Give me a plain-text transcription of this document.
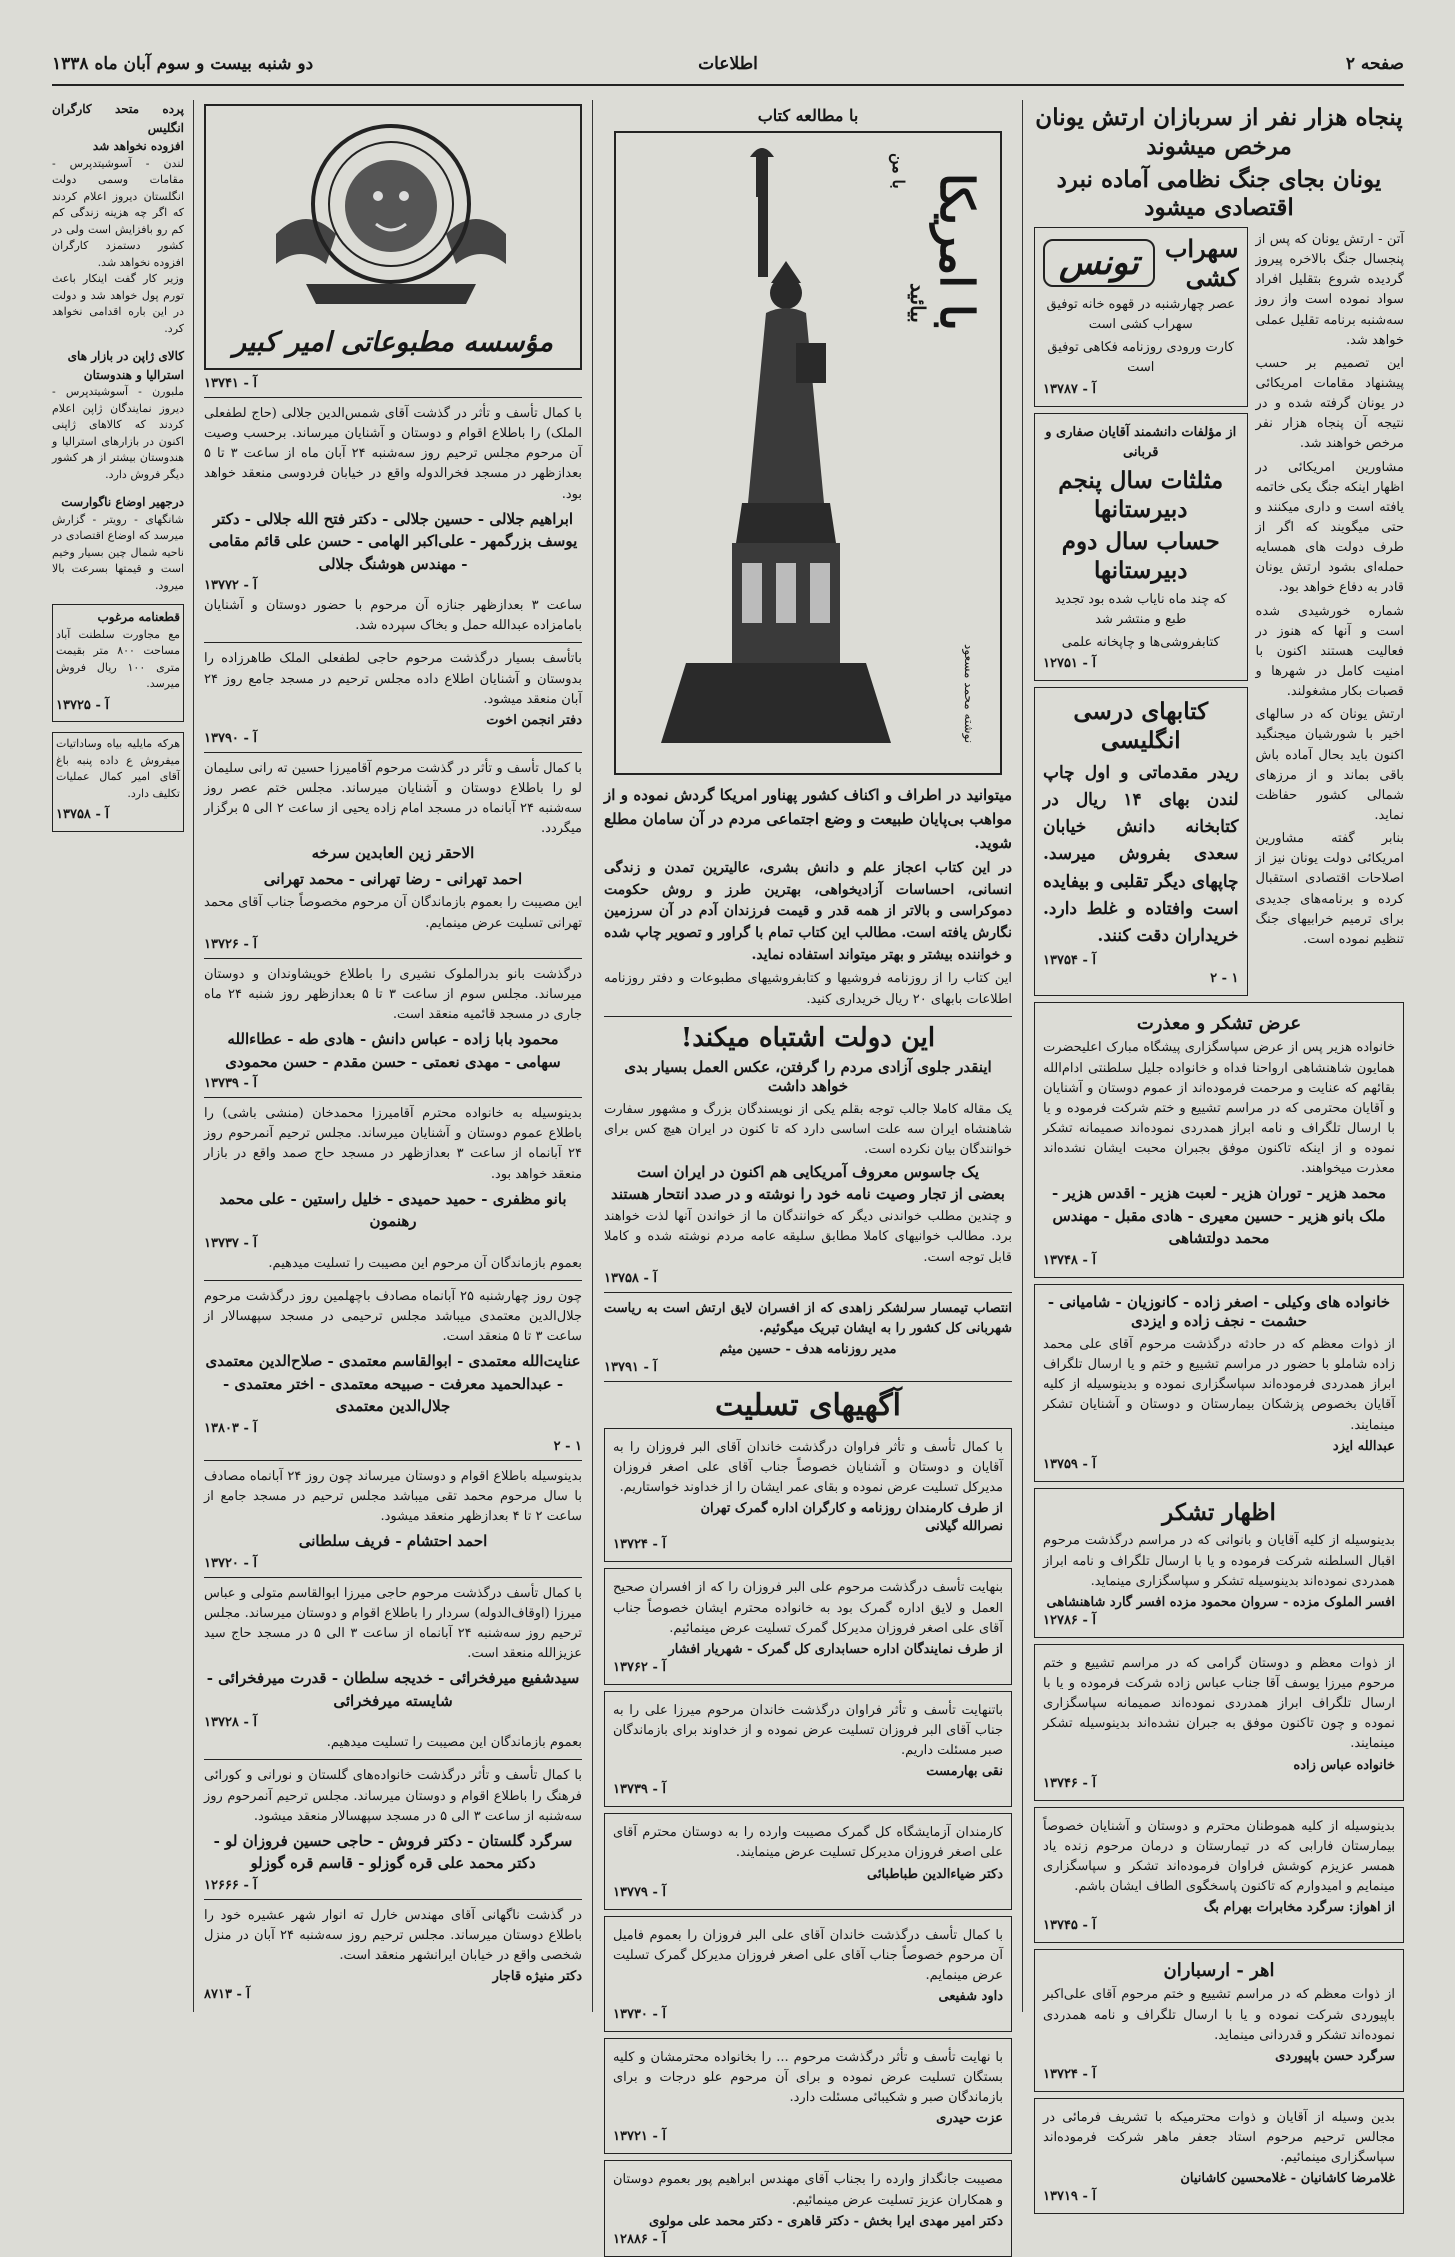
صفحه ۲
اطلاعات
دو شنبه بیست و سوم آبان ماه ۱۳۳۸
پنجاه هزار نفر از سربازان ارتش یونان مرخص میشوند
یونان بجای جنگ نظامی آماده نبرد اقتصادی میشود

آتن - ارتش یونان که پس از پنجسال جنگ بالاخره پیروز گردیده شروع بتقلیل افراد سواد نموده است واز روز سه‌شنبه برنامه تقلیل عملی خواهد شد.

این تصمیم بر حسب پیشنهاد مقامات امریکائی در یونان گرفته شده و در نتیجه آن پنجاه هزار نفر مرخص خواهند شد.

مشاورین امریکائی در اظهار اینکه جنگ یکی خاتمه یافته است و داری میکنند و حتی میگویند که اگر از طرف دولت های همسایه حمله‌ای بشود ارتش یونان قادر به دفاع خواهد بود.

شماره خورشیدی شده است و آنها که هنوز در فعالیت هستند اکنون با امنیت کامل در شهرها و قصبات بکار مشغولند.

ارتش یونان که در سالهای اخیر با شورشیان میجنگید اکنون باید بحال آماده باش باقی بماند و از مرزهای شمالی کشور حفاظت نماید.

بنابر گفته مشاورین امریکائی دولت یونان نیز از اصلاحات اقتصادی استقبال کرده و برنامه‌های جدیدی برای ترمیم خرابیهای جنگ تنظیم نموده است.

سهراب کشی
تونس

عصر چهارشنبه در قهوه خانه توفیق سهراب کشی است

کارت ورودی روزنامه فکاهی توفیق است

آ - ۱۳۷۸۷

از مؤلفات دانشمند آقایان صفاری و قربانی

مثلثات سال پنجم دبیرستانها
حساب سال دوم دبیرستانها

که چند ماه نایاب شده بود تجدید طبع و منتشر شد

کتابفروشی‌ها و چاپخانه علمی

آ - ۱۲۷۵۱

کتابهای درسی انگلیسی

ریدر مقدماتی و اول چاپ لندن بهای ۱۴ ریال در کتابخانه دانش خیابان سعدی بفروش میرسد. چاپهای دیگر تقلبی و بیفایده است وافتاده و غلط دارد. خریداران دقت کنند.

آ - ۱۳۷۵۴

۱ - ۲

عرض تشکر و معذرت

خانواده هزیر پس از عرض سپاسگزاری پیشگاه مبارک اعلیحضرت همایون شاهنشاهی ارواحنا فداه و خانواده جلیل سلطنتی ادام‌الله بقائهم که عنایت و مرحمت فرموده‌اند از عموم دوستان و آشنایان و آقایان محترمی که در مراسم تشییع و ختم شرکت فرموده و یا با ارسال تلگراف و نامه ابراز همدردی نموده‌اند صمیمانه تشکر نموده و از اینکه تاکنون موفق بجبران محبت ایشان نشده‌اند معذرت میخواهند.

محمد هزیر - توران هزیر - لعبت هزیر - اقدس هزیر - ملک بانو هزیر - حسین معیری - هادی مقبل - مهندس محمد دولتشاهی

آ - ۱۳۷۴۸

خانواده های وکیلی - اصغر زاده - کانوزیان - شامیانی - حشمت - نجف زاده و ایزدی

از ذوات معظم که در حادثه درگذشت مرحوم آقای علی محمد زاده شاملو با حضور در مراسم تشییع و ختم و یا ارسال تلگراف ابراز همدردی فرموده‌اند سپاسگزاری نموده و بدینوسیله از کلیه آقایان بخصوص پزشکان بیمارستان و دوستان و آشنایان تشکر مینمایند.

عبدالله ایزد

آ - ۱۳۷۵۹

اظهار تشکر

بدینوسیله از کلیه آقایان و بانوانی که در مراسم درگذشت مرحوم اقبال السلطنه شرکت فرموده و یا با ارسال تلگراف و نامه ابراز همدردی نموده‌اند بدینوسیله تشکر و سپاسگزاری مینماید.

افسر الملوک مزده - سروان محمود مزده افسر گارد شاهنشاهی

آ - ۱۲۷۸۶

از ذوات معظم و دوستان گرامی که در مراسم تشییع و ختم مرحوم میرزا یوسف آقا جناب عباس زاده شرکت فرموده و یا با ارسال تلگراف ابراز همدردی نموده‌اند صمیمانه سپاسگزاری نموده و چون تاکنون موفق به جبران نشده‌اند بدینوسیله تشکر مینمایند.

خانواده عباس زاده

آ - ۱۳۷۴۶

بدینوسیله از کلیه هموطنان محترم و دوستان و آشنایان خصوصاً بیمارستان فارابی که در تیمارستان و درمان مرحوم زنده یاد همسر عزیزم کوشش فراوان فرموده‌اند تشکر و سپاسگزاری مینمایم و امیدوارم که تاکنون پاسخگوی الطاف ایشان باشم.

از اهواز: سرگرد مخابرات بهرام بگ

آ - ۱۳۷۴۵

اهر - ارسباران

از ذوات معظم که در مراسم تشییع و ختم مرحوم آقای علی‌اکبر باپیوردی شرکت نموده و یا با ارسال تلگراف و نامه همدردی نموده‌اند تشکر و قدردانی مینماید.

سرگرد حسن باپیوردی

آ - ۱۳۷۲۴

بدین وسیله از آقایان و ذوات محترمیکه با تشریف فرمائی در مجالس ترحیم مرحوم استاد جعفر ماهر شرکت فرموده‌اند سپاسگزاری مینمائیم.

غلامرضا کاشانیان - غلامحسین کاشانیان

آ - ۱۳۷۱۹

با مطالعه کتاب
با امریکا
بیائید
با من
نوشته محمد مسعود

میتوانید در اطراف و اکناف کشور پهناور امریکا گردش نموده و از مواهب بی‌پایان طبیعت و وضع اجتماعی مردم در آن سامان مطلع شوید.

در این کتاب اعجاز علم و دانش بشری، عالیترین تمدن و زندگی انسانی، احساسات آزادیخواهی، بهترین طرز و روش حکومت دموکراسی و بالاتر از همه قدر و قیمت فرزندان آدم در آن سرزمین نگارش یافته است. مطالب این کتاب تمام با گراور و تصویر چاپ شده و خواننده بیشتر و بهتر میتواند استفاده نماید.

این کتاب را از روزنامه فروشیها و کتابفروشیهای مطبوعات و دفتر روزنامه اطلاعات بابهای ۲۰ ریال خریداری کنید.

این دولت اشتباه میکند!
اینقدر جلوی آزادی مردم را گرفتن، عکس العمل بسیار بدی خواهد داشت

یک مقاله کاملا جالب توجه بقلم یکی از نویسندگان بزرگ و مشهور سفارت شاهنشاه ایران سه علت اساسی دارد که تا کنون در ایران هیچ کس برای خوانندگان بیان نکرده است.

یک جاسوس معروف آمریکایی هم اکنون در ایران است
بعضی از تجار وصیت نامه خود را نوشته و در صدد انتحار هستند

و چندین مطلب خواندنی دیگر که خوانندگان ما از خواندن آنها لذت خواهند برد. مطالب خوانیهای کاملا مطابق سلیقه عامه مردم نوشته شده و کاملا قابل توجه است.

آ - ۱۳۷۵۸

انتصاب تیمسار سرلشکر زاهدی که از افسران لایق ارتش است به ریاست شهربانی کل کشور را به ایشان تبریک میگوئیم.

مدیر روزنامه هدف - حسین میثم

آ - ۱۳۷۹۱

آگهیهای تسلیت

با کمال تأسف و تأثر فراوان درگذشت خاندان آقای البر فروزان را به آقایان و دوستان و آشنایان خصوصاً جناب آقای علی اصغر فروزان مدیرکل تسلیت عرض نموده و بقای عمر ایشان را از خداوند خواستاریم.

از طرف کارمندان روزنامه و کارگران اداره گمرک تهران

نصرالله گیلانی

آ - ۱۳۷۲۴

بنهایت تأسف درگذشت مرحوم علی البر فروزان را که از افسران صحیح العمل و لایق اداره گمرک بود به خانواده محترم ایشان خصوصاً جناب آقای علی اصغر فروزان مدیرکل گمرک تسلیت عرض مینمائیم.

از طرف نمایندگان اداره حسابداری کل گمرک - شهریار افشار

آ - ۱۳۷۶۲

باتنهایت تأسف و تأثر فراوان درگذشت خاندان مرحوم میرزا علی را به جناب آقای البر فروزان تسلیت عرض نموده و از خداوند برای بازماندگان صبر مسئلت داریم.

نقی بهارمست

آ - ۱۳۷۳۹

کارمندان آزمایشگاه کل گمرک مصیبت وارده را به دوستان محترم آقای علی اصغر فروزان مدیرکل تسلیت عرض مینمایند.

دکتر ضیاء‌الدین طباطبائی

آ - ۱۳۷۷۹

با کمال تأسف درگذشت خاندان آقای علی البر فروزان را بعموم فامیل آن مرحوم خصوصاً جناب آقای علی اصغر فروزان مدیرکل گمرک تسلیت عرض مینمایم.

داود شفیعی

آ - ۱۳۷۳۰

با نهایت تأسف و تأثر درگذشت مرحوم ... را بخانواده محترمشان و کلیه بستگان تسلیت عرض نموده و برای آن مرحوم علو درجات و برای بازماندگان صبر و شکیبائی مسئلت دارد.

عزت حیدری

آ - ۱۳۷۲۱

مصیبت جانگداز وارده را بجناب آقای مهندس ابراهیم پور بعموم دوستان و همکاران عزیز تسلیت عرض مینمائیم.

دکتر امیر مهدی ایرا بخش - دکتر قاهری - دکتر محمد علی مولوی

آ - ۱۲۸۸۶

مؤسسه مطبوعاتی امیر کبیر

آ - ۱۳۷۴۱

با کمال تأسف و تأثر در گذشت آقای شمس‌الدین جلالی (حاج لطفعلی الملک) را باطلاع اقوام و دوستان و آشنایان میرساند. برحسب وصیت آن مرحوم مجلس ترحیم روز سه‌شنبه ۲۴ آبان ماه از ساعت ۳ تا ۵ بعدازظهر در مسجد فخرالدوله واقع در خیابان فردوسی منعقد خواهد بود.

ابراهیم جلالی - حسین جلالی - دکتر فتح الله جلالی - دکتر یوسف بزرگمهر - علی‌اکبر الهامی - حسن علی قائم مقامی - مهندس هوشنگ جلالی

آ - ۱۳۷۷۲

ساعت ۳ بعدازظهر جنازه آن مرحوم با حضور دوستان و آشنایان بامامزاده عبدالله حمل و بخاک سپرده شد.

باتأسف بسیار درگذشت مرحوم حاجی لطفعلی الملک طاهرزاده را بدوستان و آشنایان اطلاع داده مجلس ترحیم در مسجد جامع روز ۲۴ آبان منعقد میشود.

دفتر انجمن اخوت

آ - ۱۳۷۹۰

با کمال تأسف و تأثر در گذشت مرحوم آقامیرزا حسین ته رانی سلیمان لو را باطلاع دوستان و آشنایان میرساند. مجلس ختم عصر روز سه‌شنبه ۲۴ آبانماه در مسجد امام زاده یحیی از ساعت ۲ الی ۵ برگزار میگردد.

الاحقر زین العابدین سرخه

احمد تهرانی - رضا تهرانی - محمد تهرانی

این مصیبت را بعموم بازماندگان آن مرحوم مخصوصاً جناب آقای محمد تهرانی تسلیت عرض مینمایم.

آ - ۱۳۷۲۶

درگذشت بانو بدرالملوک نشیری را باطلاع خویشاوندان و دوستان میرساند. مجلس سوم از ساعت ۳ تا ۵ بعدازظهر روز شنبه ۲۴ ماه جاری در مسجد قائمیه منعقد است.

محمود بابا زاده - عباس دانش - هادی طه - عطاءالله سهامی - مهدی نعمتی - حسن مقدم - حسن محمودی

آ - ۱۳۷۳۹

بدینوسیله به خانواده محترم آقامیرزا محمدخان (منشی باشی) را باطلاع عموم دوستان و آشنایان میرساند. مجلس ترحیم آنمرحوم روز ۲۴ آبانماه از ساعت ۳ بعدازظهر در مسجد حاج صمد واقع در بازار منعقد خواهد بود.

بانو مظفری - حمید حمیدی - خلیل راستین - علی محمد رهنمون

آ - ۱۳۷۳۷

بعموم بازماندگان آن مرحوم این مصیبت را تسلیت میدهیم.

چون روز چهارشنبه ۲۵ آبانماه مصادف باچهلمین روز درگذشت مرحوم جلال‌الدین معتمدی میباشد مجلس ترحیمی در مسجد سپهسالار از ساعت ۳ تا ۵ منعقد است.

عنایت‌الله معتمدی - ابوالقاسم معتمدی - صلاح‌الدین معتمدی - عبدالحمید معرفت - صبیحه معتمدی - اختر معتمدی - جلال‌الدین معتمدی

آ - ۱۳۸۰۳

۱ - ۲

بدینوسیله باطلاع اقوام و دوستان میرساند چون روز ۲۴ آبانماه مصادف با سال مرحوم محمد تقی میباشد مجلس ترحیم در مسجد جامع از ساعت ۲ تا ۴ بعدازظهر منعقد میشود.

احمد احتشام - فریف سلطانی

آ - ۱۳۷۲۰

با کمال تأسف درگذشت مرحوم حاجی میرزا ابوالقاسم متولی و عباس میرزا (اوقاف‌الدوله) سردار را باطلاع اقوام و دوستان میرساند. مجلس ترحیم روز سه‌شنبه ۲۴ آبانماه از ساعت ۳ الی ۵ در مسجد حاج سید عزیزالله منعقد است.

سیدشفیع میرفخرائی - خدیجه سلطان - قدرت میرفخرائی - شایسته میرفخرائی

آ - ۱۳۷۲۸

بعموم بازماندگان این مصیبت را تسلیت میدهیم.

با کمال تأسف و تأثر درگذشت خانواده‌های گلستان و نورانی و کورائی فرهنگ را باطلاع اقوام و دوستان میرساند. مجلس ترحیم آنمرحوم روز سه‌شنبه از ساعت ۳ الی ۵ در مسجد سپهسالار منعقد میشود.

سرگرد گلستان - دکتر فروش - حاجی حسین فروزان لو - دکتر محمد علی قره گوزلو - قاسم قره گوزلو

آ - ۱۲۶۶۶

در گذشت ناگهانی آقای مهندس خارل ته انوار شهر عشیره خود را باطلاع دوستان میرساند. مجلس ترحیم روز سه‌شنبه ۲۴ آبان در منزل شخصی واقع در خیابان ایرانشهر منعقد است.

دکتر منیژه قاجار

آ - ۸۷۱۳

پرده متحد کارگران انگلیس
افزوده نخواهد شد
لندن - آسوشیتدپرس - مقامات وسمی دولت انگلستان دیروز اعلام کردند که اگر چه هزینه زندگی کم کم رو بافزایش است ولی در کشور دستمزد کارگران افزوده نخواهد شد.
وزیر کار گفت اینکار باعث تورم پول خواهد شد و دولت در این باره اقدامی نخواهد کرد.
کالای ژاپن در بازار های
استرالیا و هندوستان
ملبورن - آسوشیتدپرس - دیروز نمایندگان ژاپن اعلام کردند که کالاهای ژاپنی اکنون در بازارهای استرالیا و هندوستان بیشتر از هر کشور دیگر فروش دارد.
درجهیر اوضاع ناگوارست
شانگهای - رویتر - گزارش میرسد که اوضاع اقتصادی در ناحیه شمال چین بسیار وخیم است و قیمتها بسرعت بالا میرود.
قطعنامه مرغوب
مع مجاورت سلطنت آباد مساحت ۸۰۰ متر بقیمت متری ۱۰۰ ریال فروش میرسد.
آ - ۱۳۷۲۵
هرکه مایلیه بیاه وساداتیات میفروش ع داده پنبه باغ آقای امیر کمال عملیات تکلیف دارد.
آ - ۱۳۷۵۸
